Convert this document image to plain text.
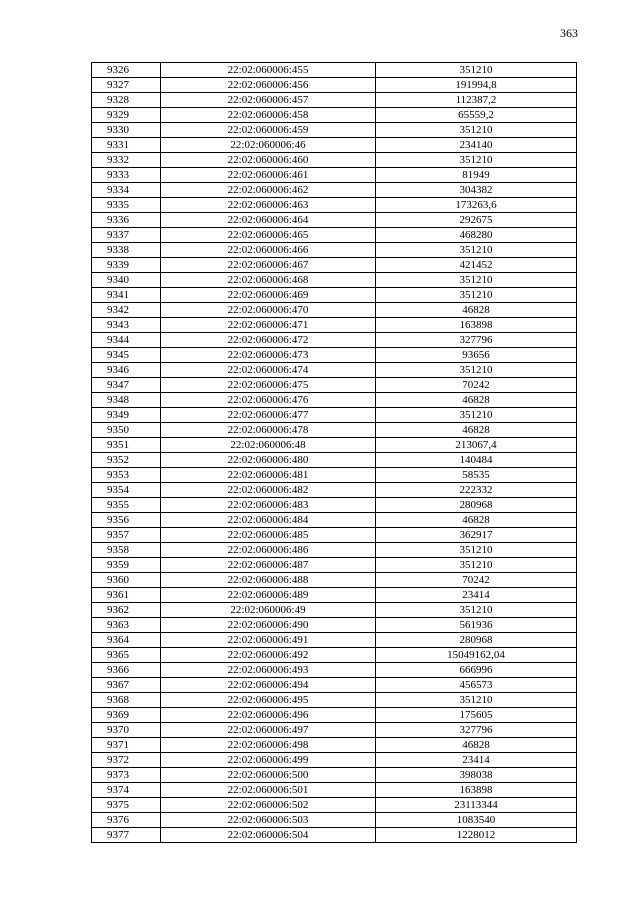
363
9326	22:02:060006:455	351210
9327	22:02:060006:456	191994,8
9328	22:02:060006:457	112387,2
9329	22:02:060006:458	65559,2
9330	22:02:060006:459	351210
9331	22:02:060006:46	234140
9332	22:02:060006:460	351210
9333	22:02:060006:461	81949
9334	22:02:060006:462	304382
9335	22:02:060006:463	173263,6
9336	22:02:060006:464	292675
9337	22:02:060006:465	468280
9338	22:02:060006:466	351210
9339	22:02:060006:467	421452
9340	22:02:060006:468	351210
9341	22:02:060006:469	351210
9342	22:02:060006:470	46828
9343	22:02:060006:471	163898
9344	22:02:060006:472	327796
9345	22:02:060006:473	93656
9346	22:02:060006:474	351210
9347	22:02:060006:475	70242
9348	22:02:060006:476	46828
9349	22:02:060006:477	351210
9350	22:02:060006:478	46828
9351	22:02:060006:48	213067,4
9352	22:02:060006:480	140484
9353	22:02:060006:481	58535
9354	22:02:060006:482	222332
9355	22:02:060006:483	280968
9356	22:02:060006:484	46828
9357	22:02:060006:485	362917
9358	22:02:060006:486	351210
9359	22:02:060006:487	351210
9360	22:02:060006:488	70242
9361	22:02:060006:489	23414
9362	22:02:060006:49	351210
9363	22:02:060006:490	561936
9364	22:02:060006:491	280968
9365	22:02:060006:492	15049162,04
9366	22:02:060006:493	666996
9367	22:02:060006:494	456573
9368	22:02:060006:495	351210
9369	22:02:060006:496	175605
9370	22:02:060006:497	327796
9371	22:02:060006:498	46828
9372	22:02:060006:499	23414
9373	22:02:060006:500	398038
9374	22:02:060006:501	163898
9375	22:02:060006:502	23113344
9376	22:02:060006:503	1083540
9377	22:02:060006:504	1228012
